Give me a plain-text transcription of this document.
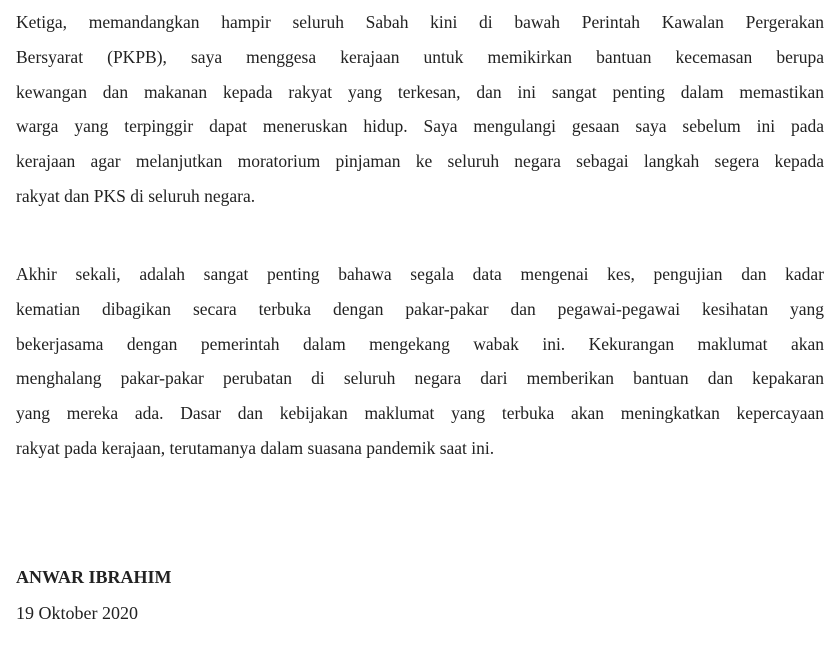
Ketiga, memandangkan hampir seluruh Sabah kini di bawah Perintah Kawalan Pergerakan
Bersyarat (PKPB), saya menggesa kerajaan untuk memikirkan bantuan kecemasan berupa
kewangan dan makanan kepada rakyat yang terkesan, dan ini sangat penting dalam memastikan
warga yang terpinggir dapat meneruskan hidup. Saya mengulangi gesaan saya sebelum ini pada
kerajaan agar melanjutkan moratorium pinjaman ke seluruh negara sebagai langkah segera kepada
rakyat dan PKS di seluruh negara.
Akhir sekali, adalah sangat penting bahawa segala data mengenai kes, pengujian dan kadar
kematian dibagikan secara terbuka dengan pakar-pakar dan pegawai-pegawai kesihatan yang
bekerjasama dengan pemerintah dalam mengekang wabak ini. Kekurangan maklumat akan
menghalang pakar-pakar perubatan di seluruh negara dari memberikan bantuan dan kepakaran
yang mereka ada. Dasar dan kebijakan maklumat yang terbuka akan meningkatkan kepercayaan
rakyat pada kerajaan, terutamanya dalam suasana pandemik saat ini.
ANWAR IBRAHIM
19 Oktober 2020
